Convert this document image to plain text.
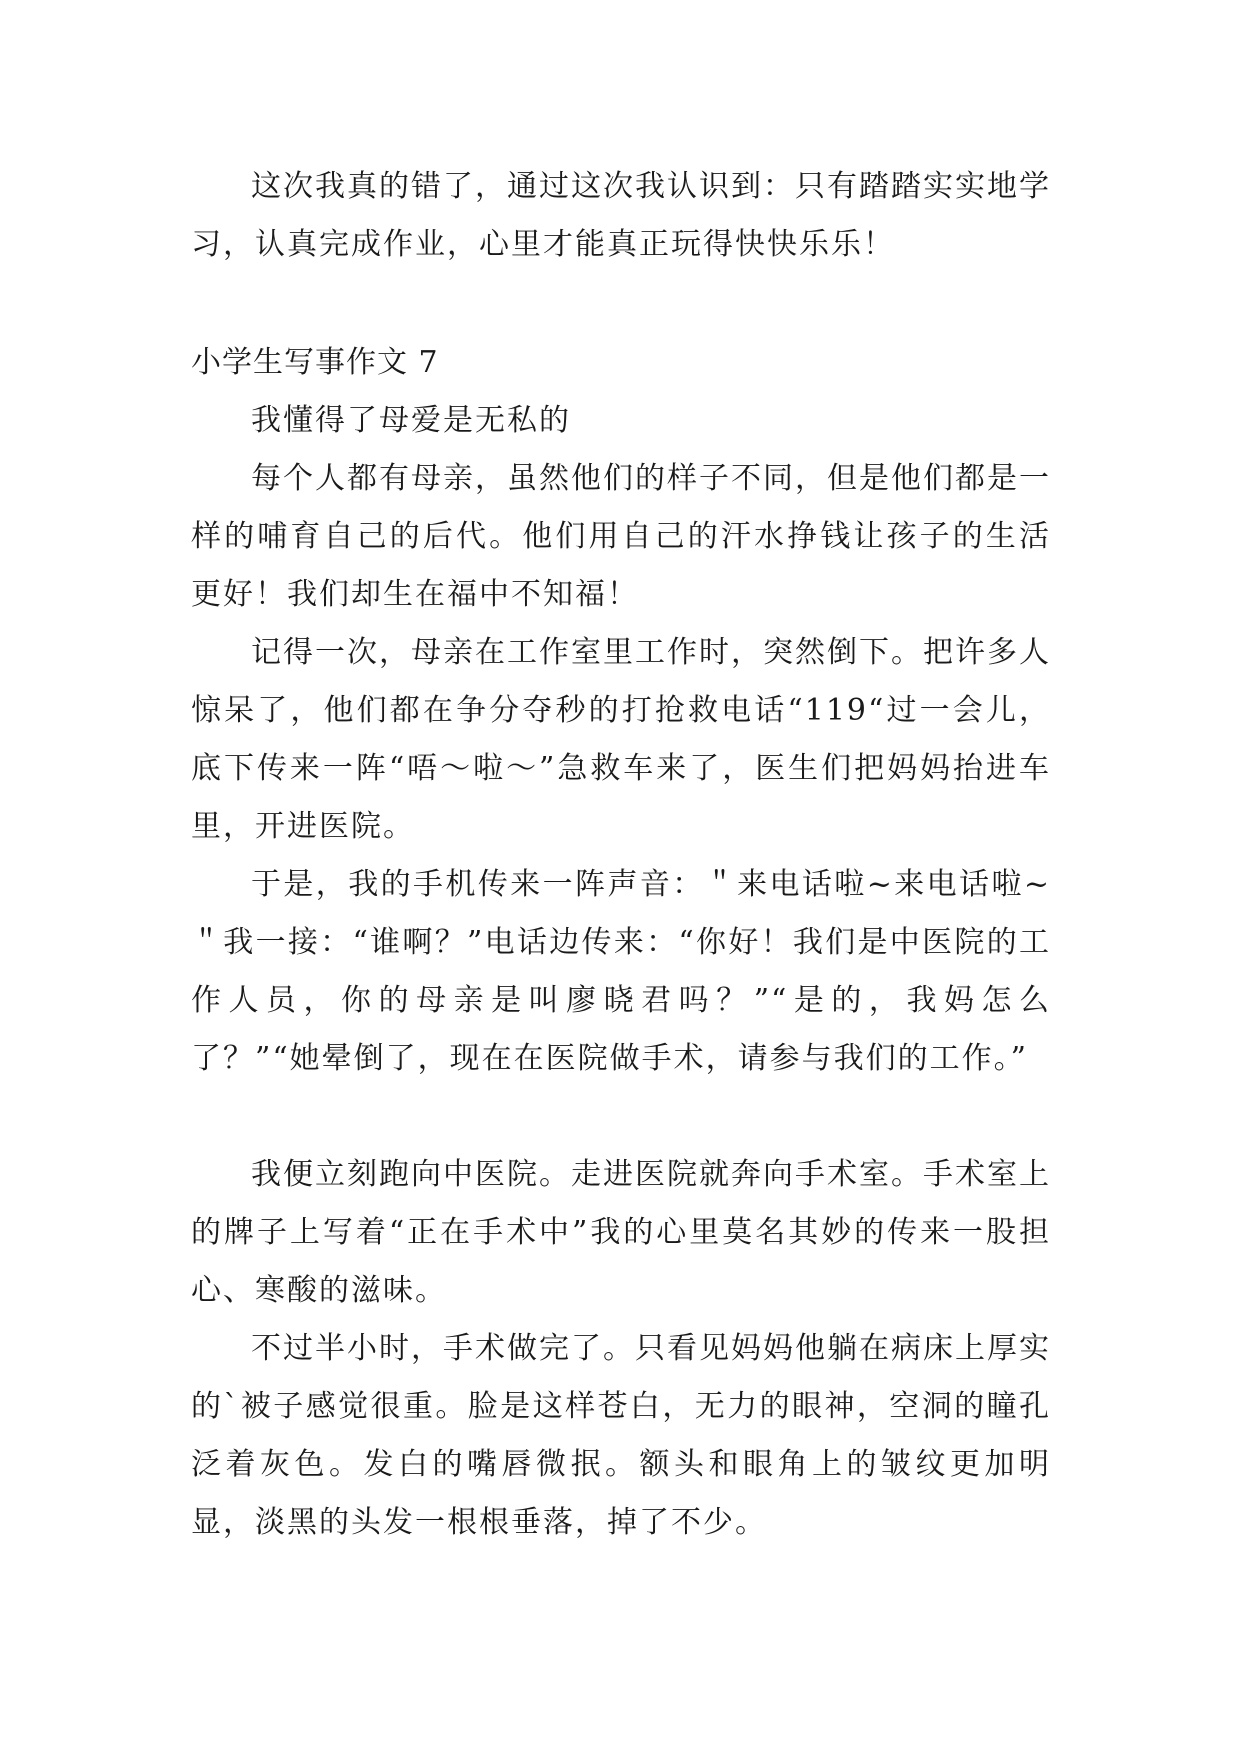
这次我真的错了，通过这次我认识到：只有踏踏实实地学习，认真完成作业，心里才能真正玩得快快乐乐！

小学生写事作文 7

我懂得了母爱是无私的

每个人都有母亲，虽然他们的样子不同，但是他们都是一样的哺育自己的后代。他们用自己的汗水挣钱让孩子的生活更好！我们却生在福中不知福！

记得一次，母亲在工作室里工作时，突然倒下。把许多人惊呆了，他们都在争分夺秒的打抢救电话“119“过一会儿，底下传来一阵“唔～啦～”急救车来了，医生们把妈妈抬进车里，开进医院。

于是，我的手机传来一阵声音：＂来电话啦~来电话啦~＂我一接：“谁啊？”电话边传来：“你好！我们是中医院的工作人员，你的母亲是叫廖晓君吗？”“是的，我妈怎么了？”“她晕倒了，现在在医院做手术，请参与我们的工作。”

我便立刻跑向中医院。走进医院就奔向手术室。手术室上的牌子上写着“正在手术中”我的心里莫名其妙的传来一股担心、寒酸的滋味。

不过半小时，手术做完了。只看见妈妈他躺在病床上厚实的`被子感觉很重。脸是这样苍白，无力的眼神，空洞的瞳孔泛着灰色。发白的嘴唇微抿。额头和眼角上的皱纹更加明显，淡黑的头发一根根垂落，掉了不少。
